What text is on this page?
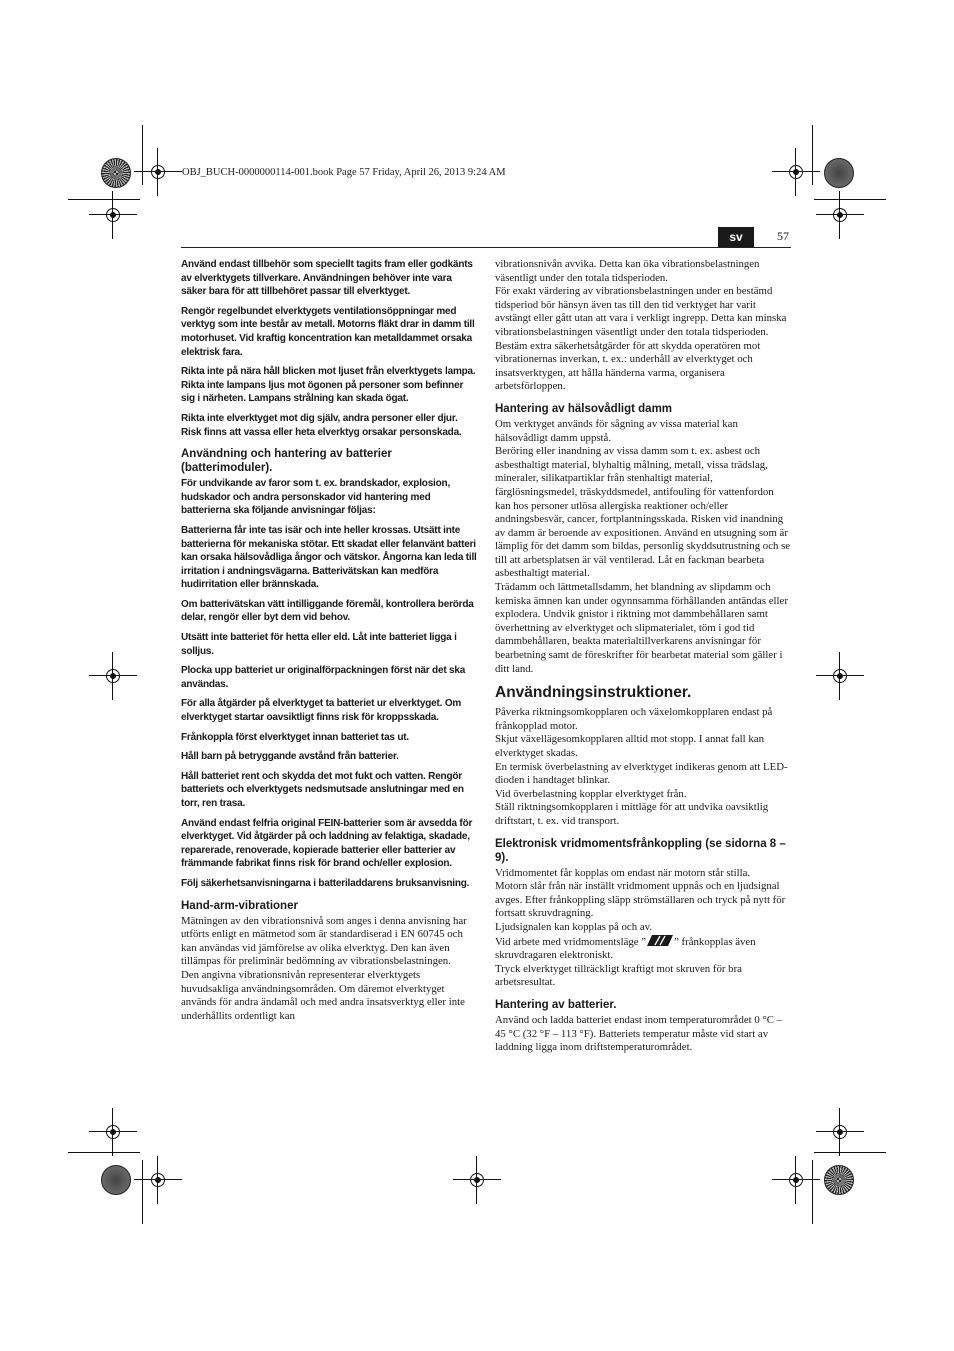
OBJ_BUCH-0000000114-001.book Page 57 Friday, April 26, 2013 9:24 AM
sv	57

Använd endast tillbehör som speciellt tagits fram eller godkänts av elverktygets tillverkare. Användningen behöver inte vara säker bara för att tillbehöret passar till elverktyget.

Rengör regelbundet elverktygets ventilationsöppningar med verktyg som inte består av metall. Motorns fläkt drar in damm till motorhuset. Vid kraftig koncentration kan metalldammet orsaka elektrisk fara.

Rikta inte på nära håll blicken mot ljuset från elverktygets lampa. Rikta inte lampans ljus mot ögonen på personer som befinner sig i närheten. Lampans strålning kan skada ögat.

Rikta inte elverktyget mot dig själv, andra personer eller djur. Risk finns att vassa eller heta elverktyg orsakar personskada.

Användning och hantering av batterier (batterimoduler).

För undvikande av faror som t. ex. brandskador, explosion, hudskador och andra personskador vid hantering med batterierna ska följande anvisningar följas:

Batterierna får inte tas isär och inte heller krossas. Utsätt inte batterierna för mekaniska stötar. Ett skadat eller felanvänt batteri kan orsaka hälsovådliga ångor och vätskor. Ångorna kan leda till irritation i andningsvägarna. Batterivätskan kan medföra hudirritation eller brännskada.

Om batterivätskan vätt intilliggande föremål, kontrollera berörda delar, rengör eller byt dem vid behov.

Utsätt inte batteriet för hetta eller eld. Låt inte batteriet ligga i solljus.

Plocka upp batteriet ur originalförpackningen först när det ska användas.

För alla åtgärder på elverktyget ta batteriet ur elverktyget. Om elverktyget startar oavsiktligt finns risk för kroppsskada.

Frånkoppla först elverktyget innan batteriet tas ut.

Håll barn på betryggande avstånd från batterier.

Håll batteriet rent och skydda det mot fukt och vatten. Rengör batteriets och elverktygets nedsmutsade anslutningar med en torr, ren trasa.

Använd endast felfria original FEIN-batterier som är avsedda för elverktyget. Vid åtgärder på och laddning av felaktiga, skadade, reparerade, renoverade, kopierade batterier eller batterier av främmande fabrikat finns risk för brand och/eller explosion.

Följ säkerhetsanvisningarna i batteriladdarens bruksanvisning.

Hand-arm-vibrationer

Mätningen av den vibrationsnivå som anges i denna anvisning har utförts enligt en mätmetod som är standardiserad i EN 60745 och kan användas vid jämförelse av olika elverktyg. Den kan även tillämpas för preliminär bedömning av vibrationsbelastningen.

Den angivna vibrationsnivån representerar elverktygets huvudsakliga användningsområden. Om däremot elverktyget används för andra ändamål och med andra insatsverktyg eller inte underhållits ordentligt kan

vibrationsnivån avvika. Detta kan öka vibrationsbelastningen väsentligt under den totala tidsperioden.

För exakt värdering av vibrationsbelastningen under en bestämd tidsperiod bör hänsyn även tas till den tid verktyget har varit avstängt eller gått utan att vara i verkligt ingrepp. Detta kan minska vibrationsbelastningen väsentligt under den totala tidsperioden.

Bestäm extra säkerhetsåtgärder för att skydda operatören mot vibrationernas inverkan, t. ex.: underhåll av elverktyget och insatsverktygen, att hålla händerna varma, organisera arbetsförloppen.

Hantering av hälsovådligt damm

Om verktyget används för sågning av vissa material kan hälsovådligt damm uppstå.

Beröring eller inandning av vissa damm som t. ex. asbest och asbesthaltigt material, blyhaltig målning, metall, vissa trädslag, mineraler, silikatpartiklar från stenhaltigt material, färglösningsmedel, träskyddsmedel, antifouling för vattenfordon kan hos personer utlösa allergiska reaktioner och/eller andningsbesvär, cancer, fortplantningsskada. Risken vid inandning av damm är beroende av expositionen. Använd en utsugning som är lämplig för det damm som bildas, personlig skyddsutrustning och se till att arbetsplatsen är väl ventilerad. Låt en fackman bearbeta asbesthaltigt material.

Trädamm och lättmetallsdamm, het blandning av slipdamm och kemiska ämnen kan under ogynnsamma förhållanden antändas eller explodera. Undvik gnistor i riktning mot dammbehållaren samt överhettning av elverktyget och slipmaterialet, töm i god tid dammbehållaren, beakta materialtillverkarens anvisningar för bearbetning samt de föreskrifter för bearbetat material som gäller i ditt land.

Användningsinstruktioner.

Påverka riktningsomkopplaren och växelomkopplaren endast på frånkopplad motor.

Skjut växellägesomkopplaren alltid mot stopp. I annat fall kan elverktyget skadas.

En termisk överbelastning av elverktyget indikeras genom att LED-dioden i handtaget blinkar.

Vid överbelastning kopplar elverktyget från.

Ställ riktningsomkopplaren i mittläge för att undvika oavsiktlig driftstart, t. ex. vid transport.

Elektronisk vridmomentsfrånkoppling (se sidorna 8 – 9).

Vridmomentet får kopplas om endast när motorn står stilla.

Motorn slår från när inställt vridmoment uppnås och en ljudsignal avges. Efter frånkoppling släpp strömställaren och tryck på nytt för fortsatt skruvdragning.

Ljudsignalen kan kopplas på och av.

Vid arbete med vridmomentsläge ”	” frånkopplas även skruvdragaren elektroniskt.

Tryck elverktyget tillräckligt kraftigt mot skruven för bra arbetsresultat.

Hantering av batterier.

Använd och ladda batteriet endast inom temperaturområdet 0 °C – 45 °C (32 °F – 113 °F). Batteriets temperatur måste vid start av laddning ligga inom driftstemperaturområdet.
